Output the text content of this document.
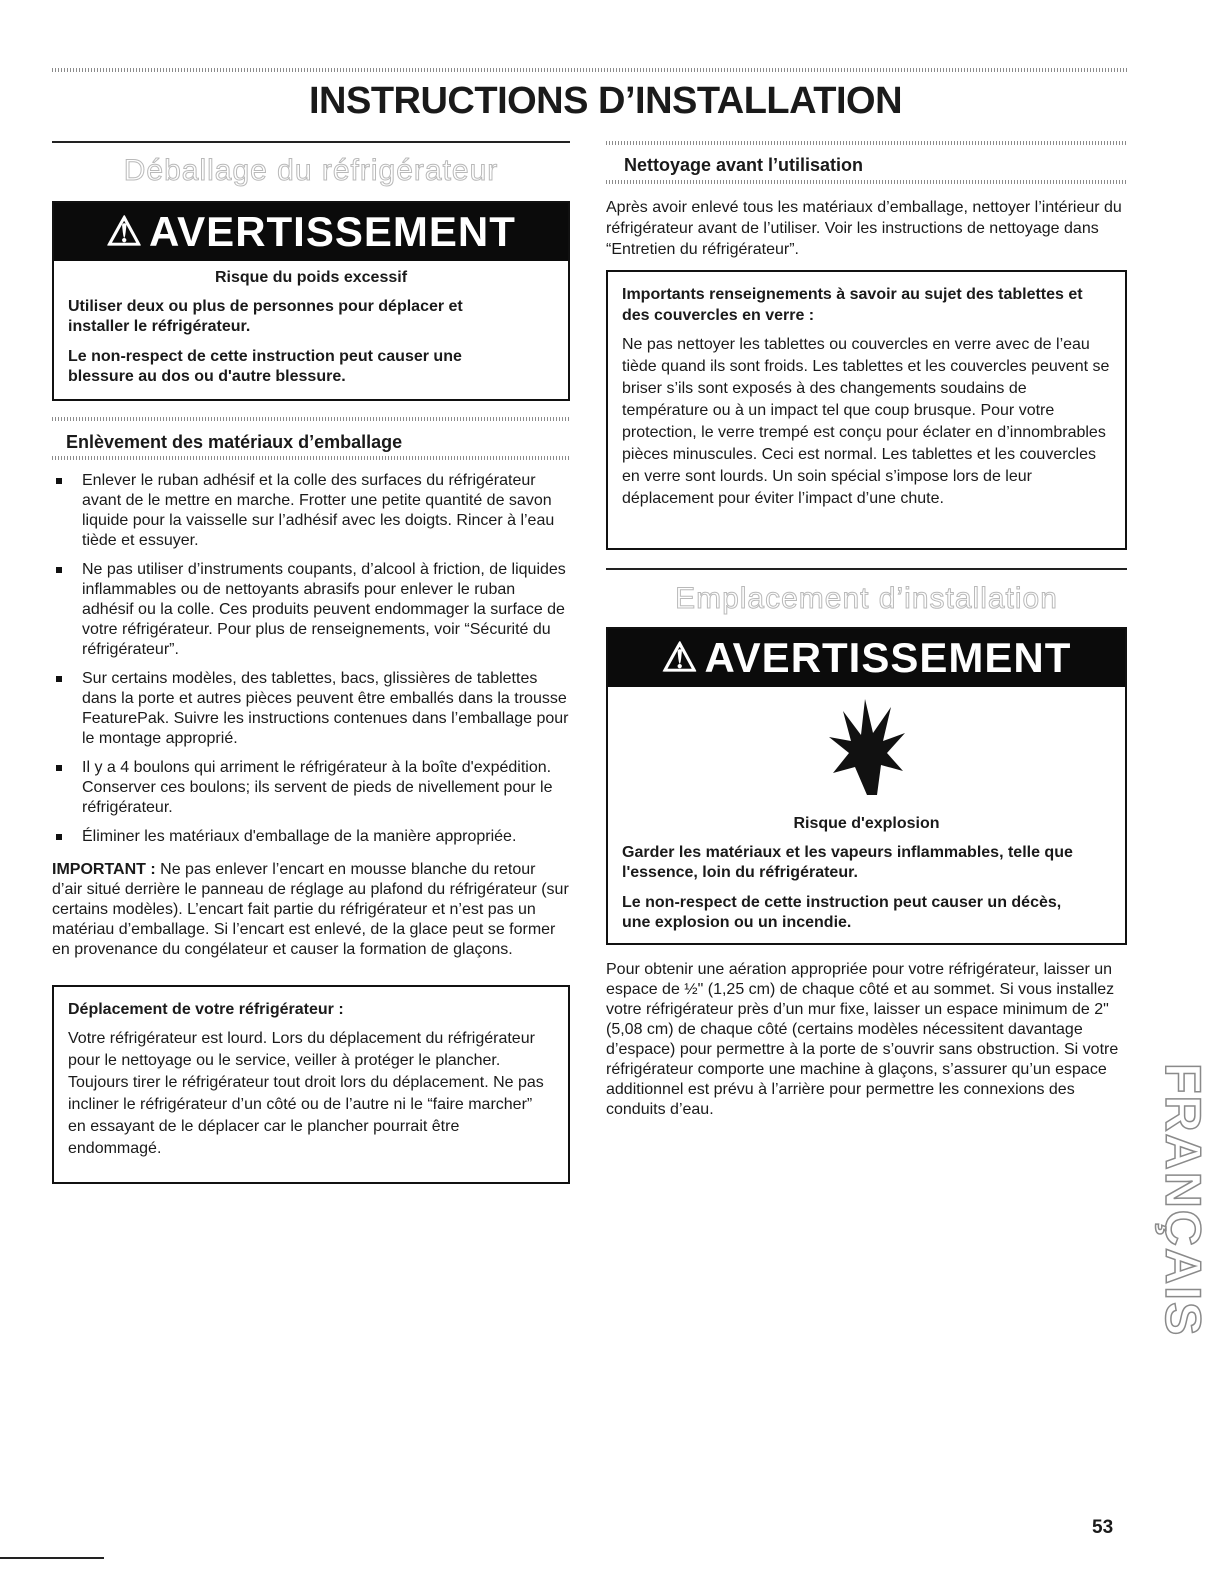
INSTRUCTIONS D’INSTALLATION
Déballage du réfrigérateur
⚠ AVERTISSEMENT
Risque du poids excessif

Utiliser deux ou plus de personnes pour déplacer et installer le réfrigérateur.

Le non-respect de cette instruction peut causer une blessure au dos ou d'autre blessure.

Enlèvement des matériaux d’emballage
Enlever le ruban adhésif et la colle des surfaces du réfrigérateur avant de le mettre en marche. Frotter une petite quantité de savon liquide pour la vaisselle sur l’adhésif avec les doigts. Rincer à l’eau tiède et essuyer.
Ne pas utiliser d’instruments coupants, d’alcool à friction, de liquides inflammables ou de nettoyants abrasifs pour enlever le ruban adhésif ou la colle. Ces produits peuvent endommager la surface de votre réfrigérateur. Pour plus de renseignements, voir “Sécurité du réfrigérateur”.
Sur certains modèles, des tablettes, bacs, glissières de tablettes dans la porte et autres pièces peuvent être emballés dans la trousse FeaturePak. Suivre les instructions contenues dans l’emballage pour le montage approprié.
Il y a 4 boulons qui arriment le réfrigérateur à la boîte d'expédition. Conserver ces boulons; ils servent de pieds de nivellement pour le réfrigérateur.
Éliminer les matériaux d'emballage de la manière appropriée.
IMPORTANT : Ne pas enlever l’encart en mousse blanche du retour d’air situé derrière le panneau de réglage au plafond du réfrigérateur (sur certains modèles). L’encart fait partie du réfrigérateur et n’est pas un matériau d’emballage. Si l’encart est enlevé, de la glace peut se former en provenance du congélateur et causer la formation de glaçons.
Déplacement de votre réfrigérateur :
Votre réfrigérateur est lourd. Lors du déplacement du réfrigérateur pour le nettoyage ou le service, veiller à protéger le plancher. Toujours tirer le réfrigérateur tout droit lors du déplacement. Ne pas incliner le réfrigérateur d’un côté ou de l’autre ni le “faire marcher” en essayant de le déplacer car le plancher pourrait être endommagé.
Nettoyage avant l’utilisation
Après avoir enlevé tous les matériaux d’emballage, nettoyer l’intérieur du réfrigérateur avant de l’utiliser. Voir les instructions de nettoyage dans “Entretien du réfrigérateur”.
Importants renseignements à savoir au sujet des tablettes et des couvercles en verre :
Ne pas nettoyer les tablettes ou couvercles en verre avec de l’eau tiède quand ils sont froids. Les tablettes et les couvercles peuvent se briser s’ils sont exposés à des changements soudains de température ou à un impact tel que coup brusque. Pour votre protection, le verre trempé est conçu pour éclater en d’innombrables pièces minuscules. Ceci est normal. Les tablettes et les couvercles en verre sont lourds. Un soin spécial s’impose lors de leur déplacement pour éviter l’impact d’une chute.
Emplacement d’installation
⚠ AVERTISSEMENT
Risque d'explosion

Garder les matériaux et les vapeurs inflammables, telle que l'essence, loin du réfrigérateur.

Le non-respect de cette instruction peut causer un décès, une explosion ou un incendie.

Pour obtenir une aération appropriée pour votre réfrigérateur, laisser un espace de ½" (1,25 cm) de chaque côté et au sommet. Si vous installez votre réfrigérateur près d’un mur fixe, laisser un espace minimum de 2" (5,08 cm) de chaque côté (certains modèles nécessitent davantage d’espace) pour permettre à la porte de s’ouvrir sans obstruction. Si votre réfrigérateur comporte une machine à glaçons, s’assurer qu’un espace additionnel est prévu à l’arrière pour permettre les connexions des conduits d’eau.	FRANÇAIS
53
